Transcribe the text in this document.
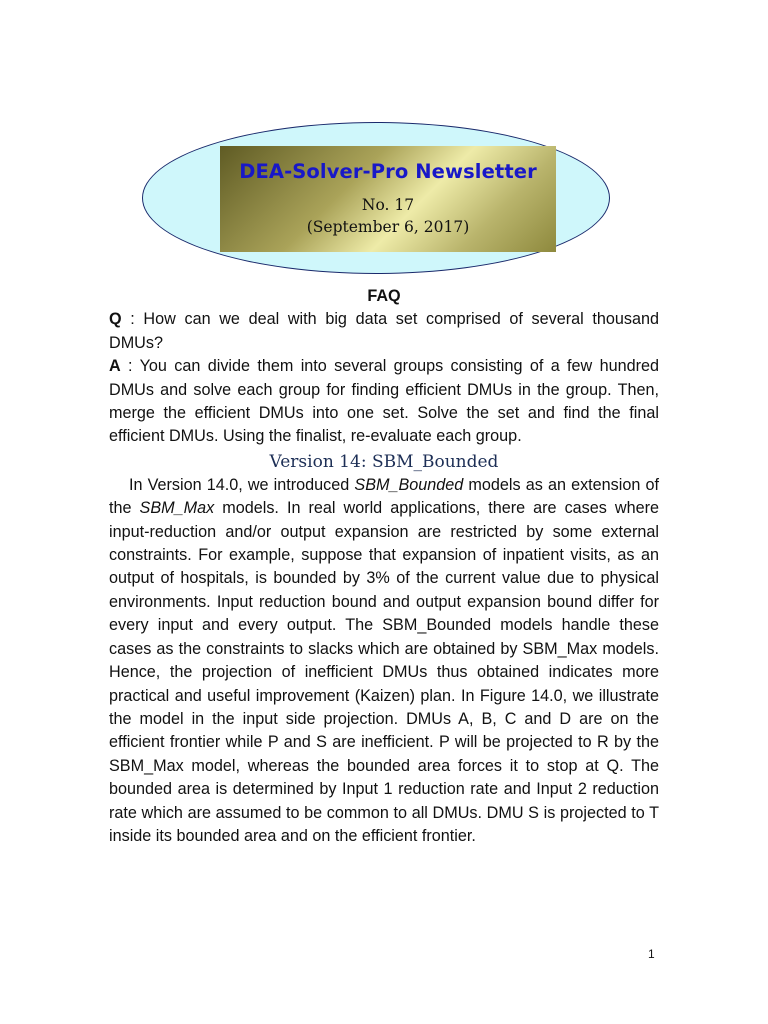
DEA-Solver-Pro Newsletter
No. 17
(September 6, 2017)
FAQ

Q : How can we deal with big data set comprised of several thousand DMUs?

A : You can divide them into several groups consisting of a few hundred DMUs and solve each group for finding efficient DMUs in the group. Then, merge the efficient DMUs into one set. Solve the set and find the final efficient DMUs. Using the finalist, re-evaluate each group.

Version 14: SBM_Bounded

In Version 14.0, we introduced SBM_Bounded models as an extension of the SBM_Max models. In real world applications, there are cases where input-reduction and/or output expansion are restricted by some external constraints. For example, suppose that expansion of inpatient visits, as an output of hospitals, is bounded by 3% of the current value due to physical environments. Input reduction bound and output expansion bound differ for every input and every output. The SBM_Bounded models handle these cases as the constraints to slacks which are obtained by SBM_Max models. Hence, the projection of inefficient DMUs thus obtained indicates more practical and useful improvement (Kaizen) plan. In Figure 14.0, we illustrate the model in the input side projection. DMUs A, B, C and D are on the efficient frontier while P and S are inefficient. P will be projected to R by the SBM_Max model, whereas the bounded area forces it to stop at Q. The bounded area is determined by Input 1 reduction rate and Input 2 reduction rate which are assumed to be common to all DMUs. DMU S is projected to T inside its bounded area and on the efficient frontier.

1
